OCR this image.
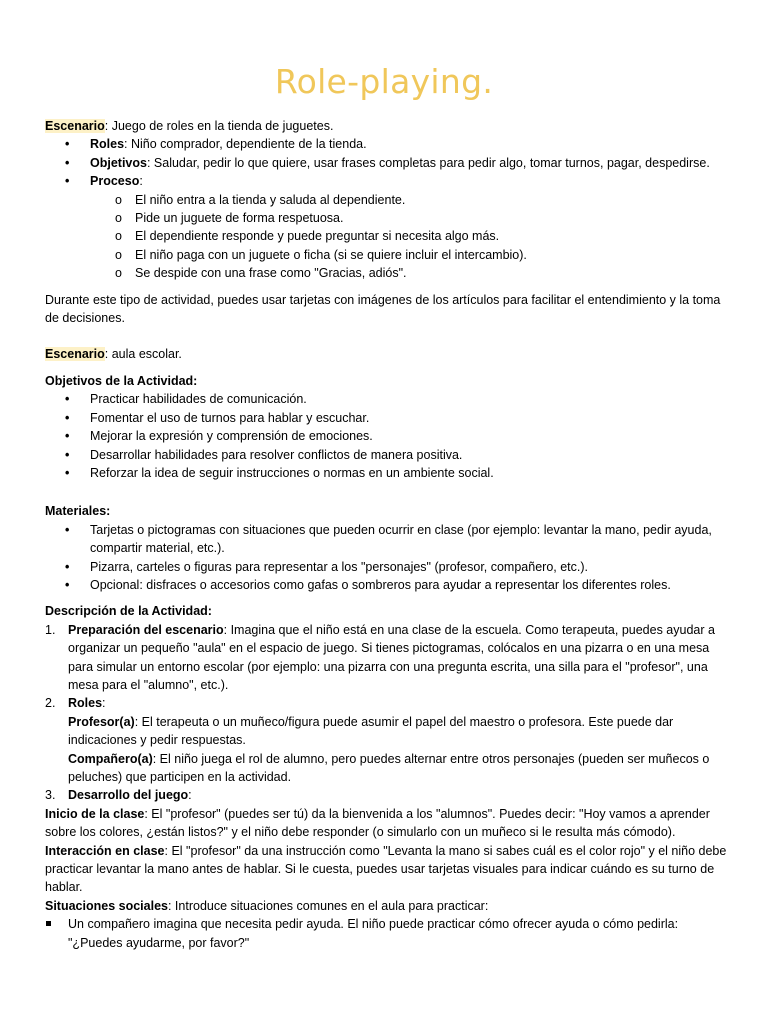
Role-playing.

Escenario: Juego de roles en la tienda de juguetes.

• Roles: Niño comprador, dependiente de la tienda.
• Objetivos: Saludar, pedir lo que quiere, usar frases completas para pedir algo, tomar turnos, pagar, despedirse.
• Proceso:
o El niño entra a la tienda y saluda al dependiente.
o Pide un juguete de forma respetuosa.
o El dependiente responde y puede preguntar si necesita algo más.
o El niño paga con un juguete o ficha (si se quiere incluir el intercambio).
o Se despide con una frase como "Gracias, adiós".

Durante este tipo de actividad, puedes usar tarjetas con imágenes de los artículos para facilitar el entendimiento y la toma de decisiones.

Escenario: aula escolar.

Objetivos de la Actividad:

• Practicar habilidades de comunicación.
• Fomentar el uso de turnos para hablar y escuchar.
• Mejorar la expresión y comprensión de emociones.
• Desarrollar habilidades para resolver conflictos de manera positiva.
• Reforzar la idea de seguir instrucciones o normas en un ambiente social.

Materiales:

• Tarjetas o pictogramas con situaciones que pueden ocurrir en clase (por ejemplo: levantar la mano, pedir ayuda, compartir material, etc.).
• Pizarra, carteles o figuras para representar a los "personajes" (profesor, compañero, etc.).
• Opcional: disfraces o accesorios como gafas o sombreros para ayudar a representar los diferentes roles.

Descripción de la Actividad:

1. Preparación del escenario: Imagina que el niño está en una clase de la escuela. Como terapeuta, puedes ayudar a organizar un pequeño "aula" en el espacio de juego. Si tienes pictogramas, colócalos en una pizarra o en una mesa para simular un entorno escolar (por ejemplo: una pizarra con una pregunta escrita, una silla para el "profesor", una mesa para el "alumno", etc.).
2. Roles:
Profesor(a): El terapeuta o un muñeco/figura puede asumir el papel del maestro o profesora. Este puede dar indicaciones y pedir respuestas.
Compañero(a): El niño juega el rol de alumno, pero puedes alternar entre otros personajes (pueden ser muñecos o peluches) que participen en la actividad.
3. Desarrollo del juego:

Inicio de la clase: El "profesor" (puedes ser tú) da la bienvenida a los "alumnos". Puedes decir: "Hoy vamos a aprender sobre los colores, ¿están listos?" y el niño debe responder (o simularlo con un muñeco si le resulta más cómodo).

Interacción en clase: El "profesor" da una instrucción como "Levanta la mano si sabes cuál es el color rojo" y el niño debe practicar levantar la mano antes de hablar. Si le cuesta, puedes usar tarjetas visuales para indicar cuándo es su turno de hablar.

Situaciones sociales: Introduce situaciones comunes en el aula para practicar:

Un compañero imagina que necesita pedir ayuda. El niño puede practicar cómo ofrecer ayuda o cómo pedirla: "¿Puedes ayudarme, por favor?"
